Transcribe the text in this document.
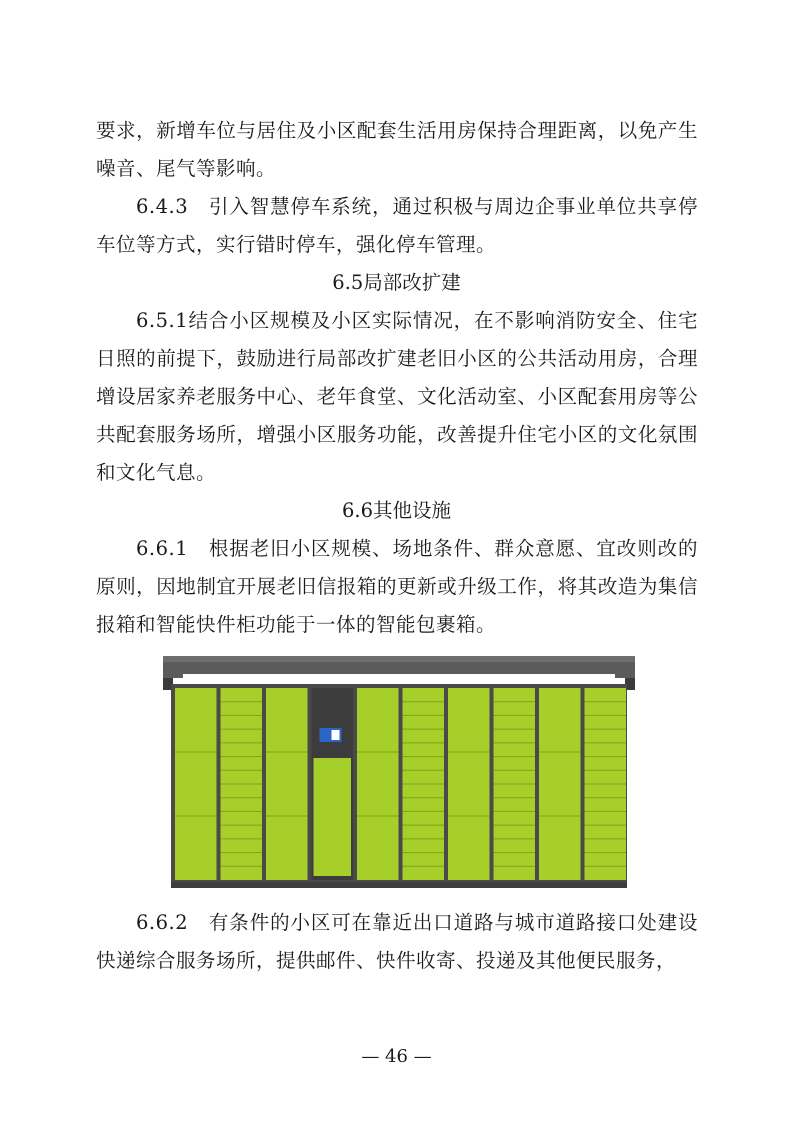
要求，新增车位与居住及小区配套生活用房保持合理距离，以免产生噪音、尾气等影响。

6.4.3　引入智慧停车系统，通过积极与周边企事业单位共享停车位等方式，实行错时停车，强化停车管理。

6.5局部改扩建

6.5.1结合小区规模及小区实际情况，在不影响消防安全、住宅日照的前提下，鼓励进行局部改扩建老旧小区的公共活动用房，合理增设居家养老服务中心、老年食堂、文化活动室、小区配套用房等公共配套服务场所，增强小区服务功能，改善提升住宅小区的文化氛围和文化气息。

6.6其他设施

6.6.1　根据老旧小区规模、场地条件、群众意愿、宜改则改的原则，因地制宜开展老旧信报箱的更新或升级工作，将其改造为集信报箱和智能快件柜功能于一体的智能包裹箱。

6.6.2　有条件的小区可在靠近出口道路与城市道路接口处建设快递综合服务场所，提供邮件、快件收寄、投递及其他便民服务，

— 46 —
